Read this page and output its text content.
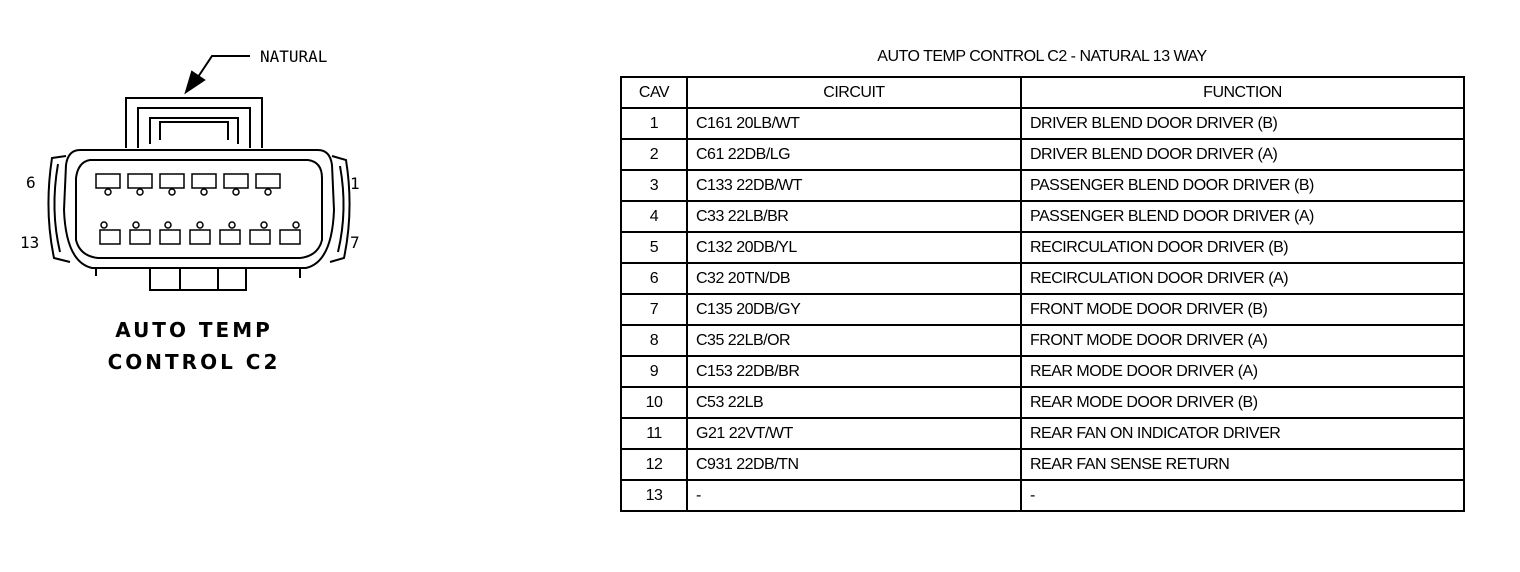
NATURAL
6	1
13	7
AUTO TEMP
CONTROL C2
AUTO TEMP CONTROL C2 - NATURAL 13 WAY
CAV	CIRCUIT	FUNCTION
1	C161 20LB/WT	DRIVER BLEND DOOR DRIVER (B)
2	C61 22DB/LG	DRIVER BLEND DOOR DRIVER (A)
3	C133 22DB/WT	PASSENGER BLEND DOOR DRIVER (B)
4	C33 22LB/BR	PASSENGER BLEND DOOR DRIVER (A)
5	C132 20DB/YL	RECIRCULATION DOOR DRIVER (B)
6	C32 20TN/DB	RECIRCULATION DOOR DRIVER (A)
7	C135 20DB/GY	FRONT MODE DOOR DRIVER (B)
8	C35 22LB/OR	FRONT MODE DOOR DRIVER (A)
9	C153 22DB/BR	REAR MODE DOOR DRIVER (A)
10	C53 22LB	REAR MODE DOOR DRIVER (B)
11	G21 22VT/WT	REAR FAN ON INDICATOR DRIVER
12	C931 22DB/TN	REAR FAN SENSE RETURN
13	-	-
